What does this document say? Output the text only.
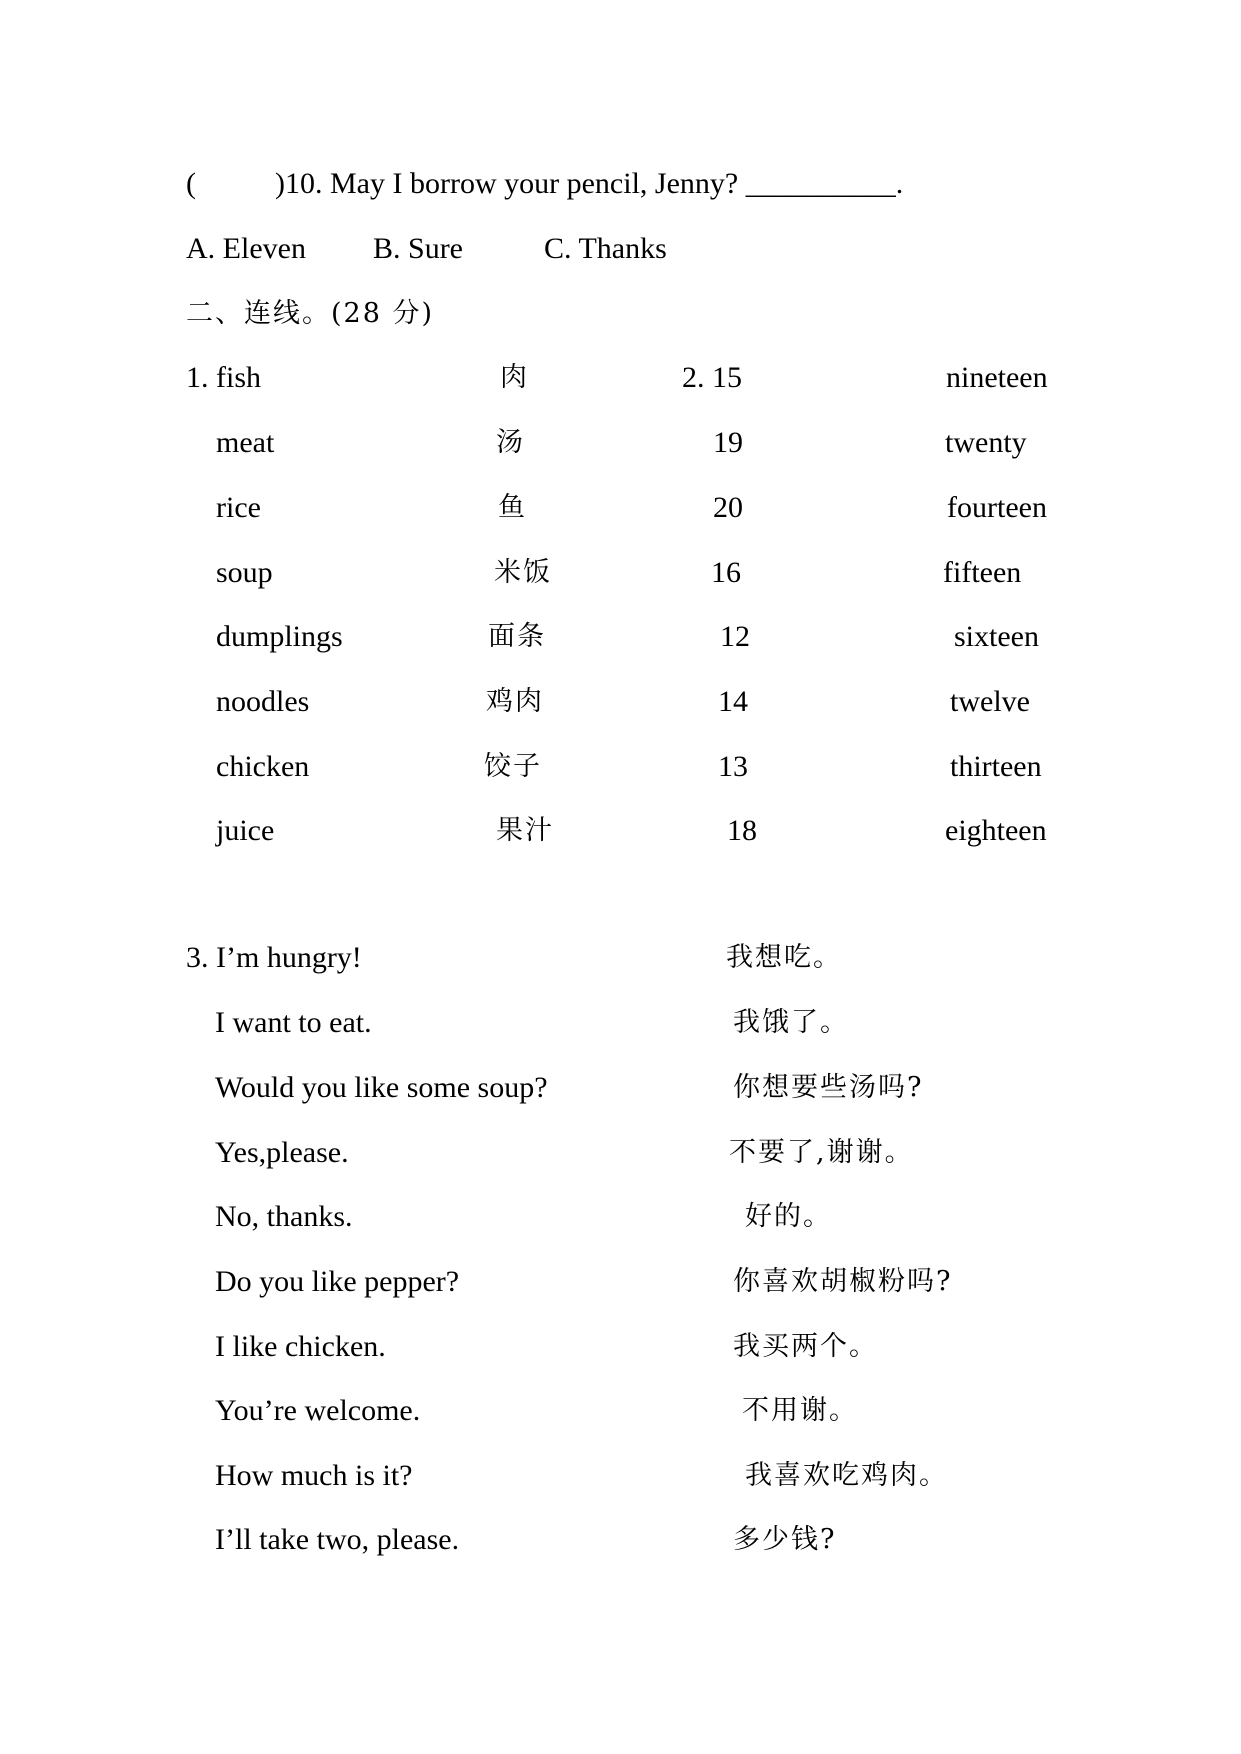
(	)10. May I borrow your pencil, Jenny? __________.
A. Eleven B. Sure	C. Thanks
二、连线。(28 分)
1. fish
meat
rice
soup
dumplings
noodles
chicken
juice
肉
汤
鱼
米饭
面条
鸡肉
饺子
果汁
2. 15
19
20
16
12
14
13
18
nineteen
twenty
fourteen
fifteen
sixteen
twelve
thirteen
eighteen
3. I’m hungry!
I want to eat.
Would you like some soup?
Yes,please.
No, thanks.
Do you like pepper?
I like chicken.
You’re welcome.
How much is it?
I’ll take two, please.
我想吃。
我饿了。
你想要些汤吗?
不要了,谢谢。
好的。
你喜欢胡椒粉吗?
我买两个。
不用谢。
我喜欢吃鸡肉。
多少钱?
